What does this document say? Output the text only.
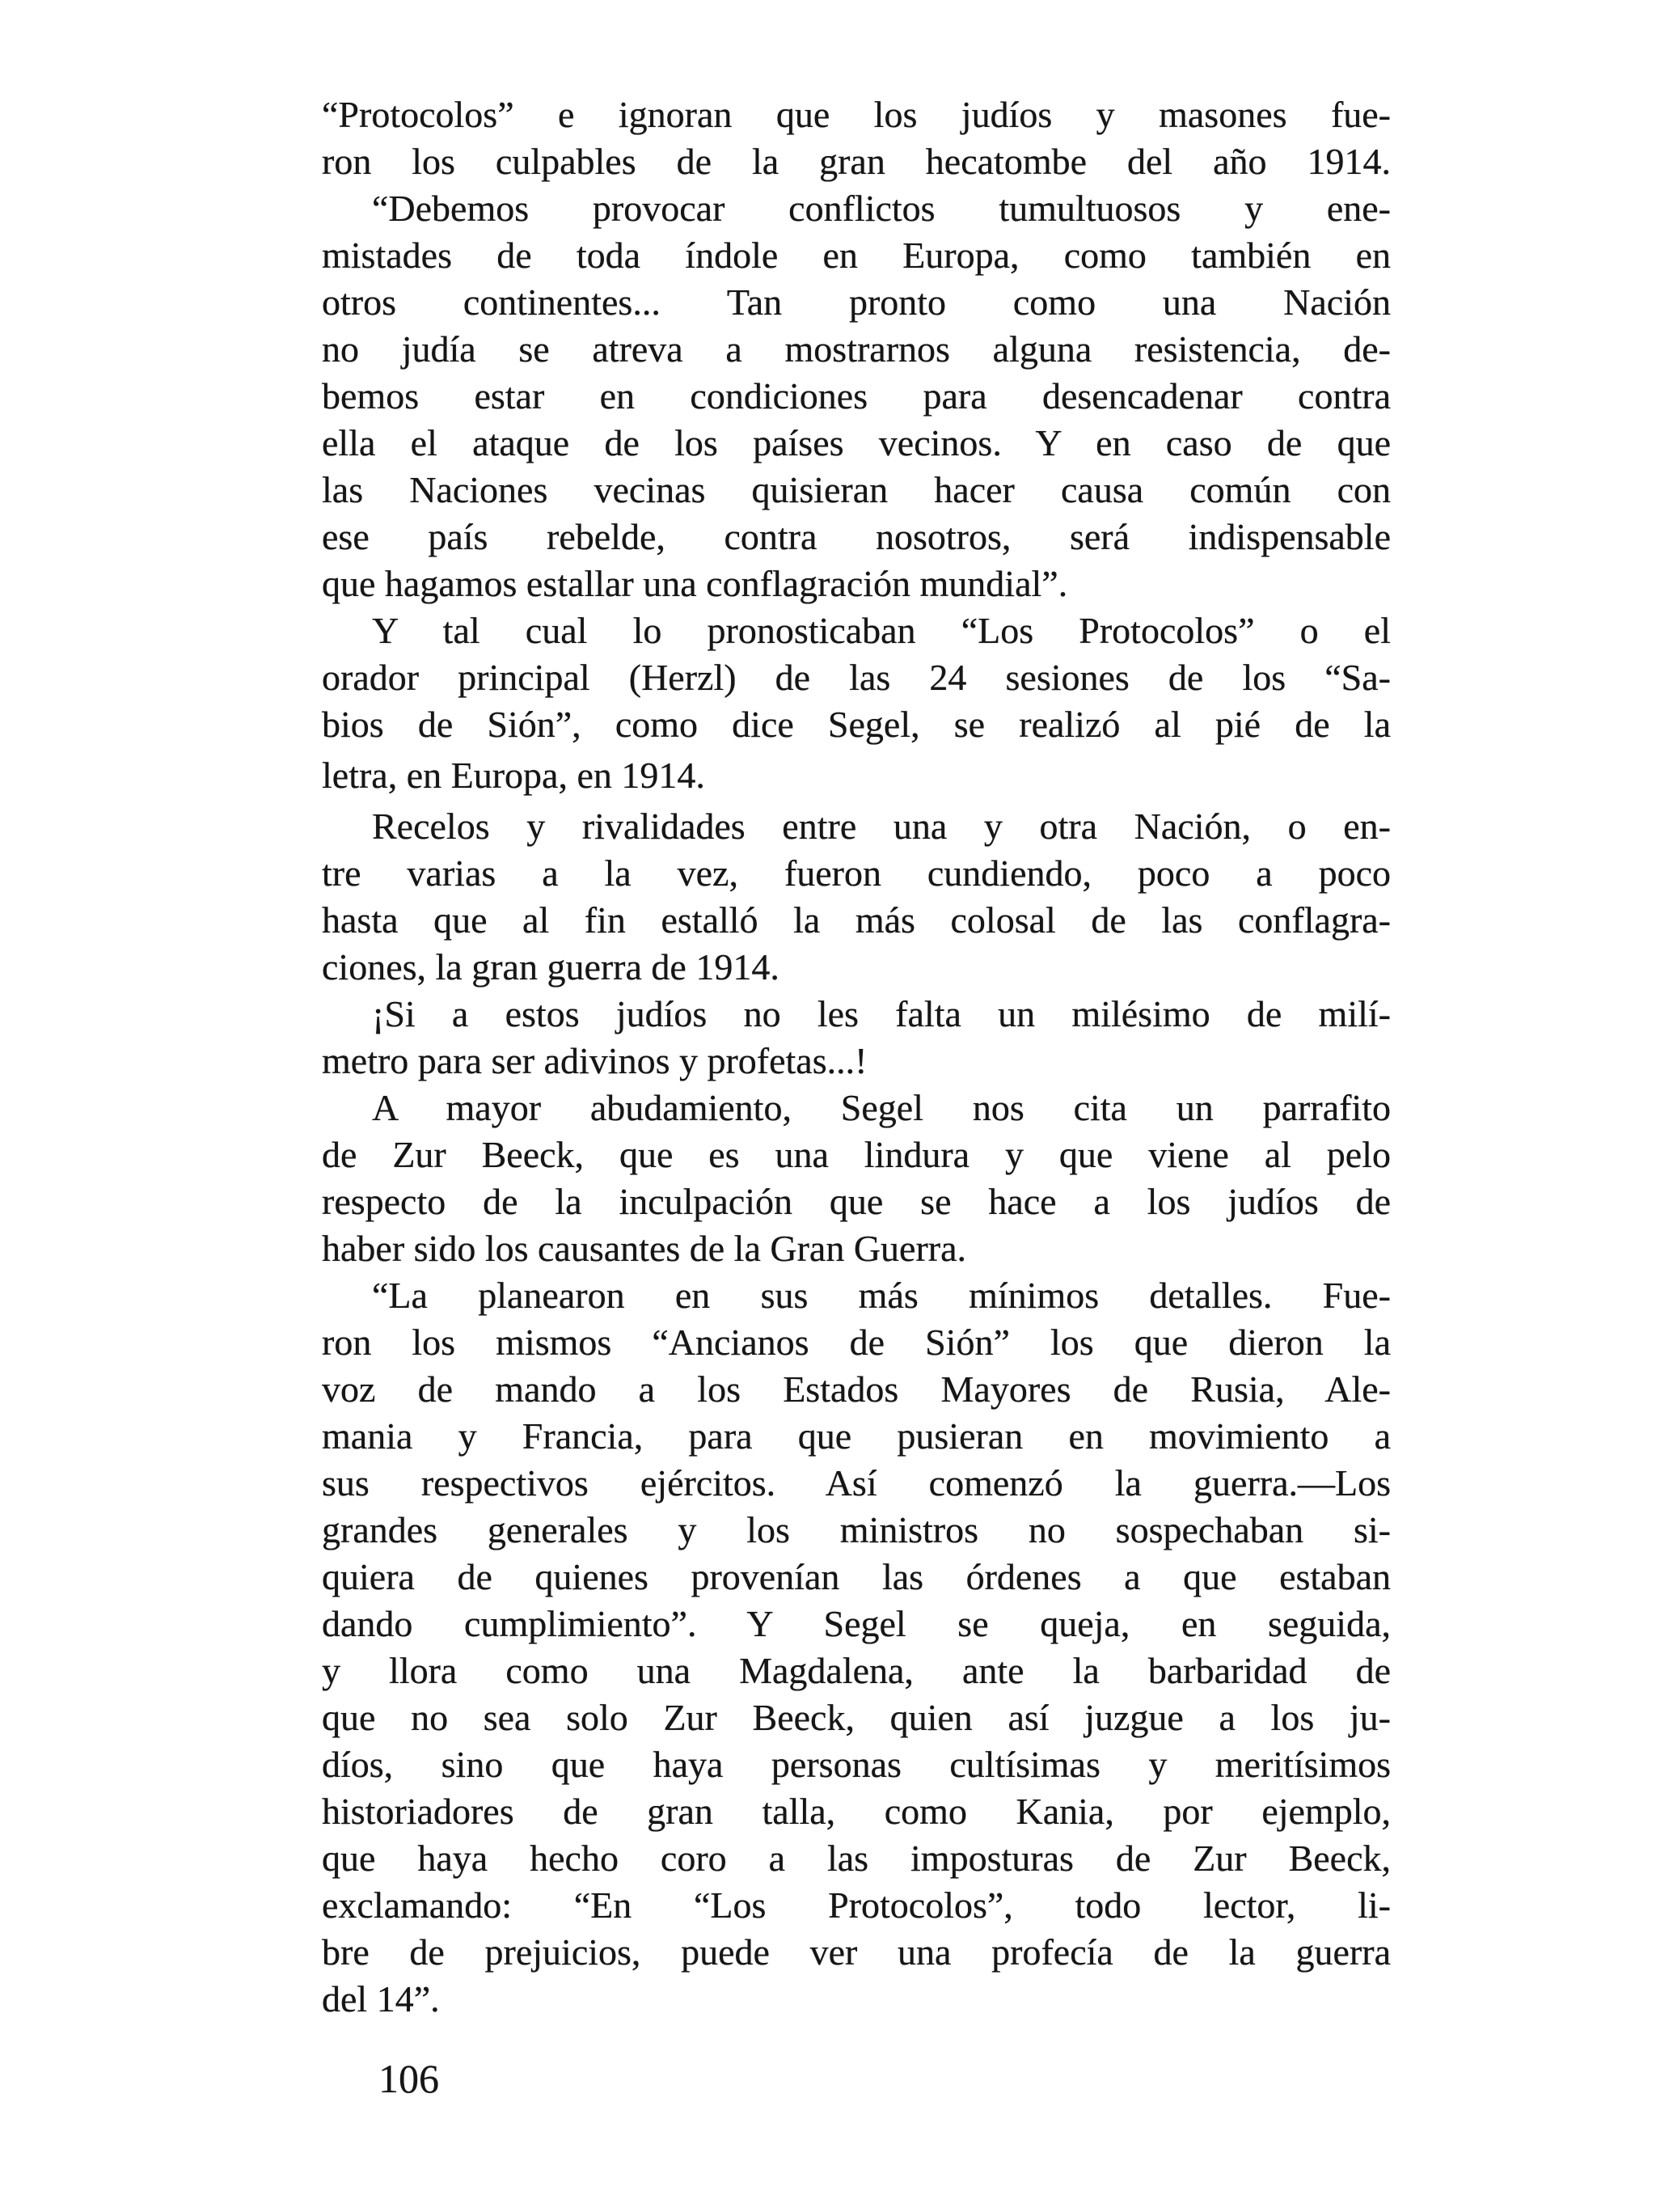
“Protocolos” e ignoran que los judíos y masones fue-
ron los culpables de la gran hecatombe del año 1914.
“Debemos provocar conflictos tumultuosos y ene-
mistades de toda índole en Europa, como también en
otros continentes... Tan pronto como una Nación
no judía se atreva a mostrarnos alguna resistencia, de-
bemos estar en condiciones para desencadenar contra
ella el ataque de los países vecinos. Y en caso de que
las Naciones vecinas quisieran hacer causa común con
ese país rebelde, contra nosotros, será indispensable
que hagamos estallar una conflagración mundial”.
Y tal cual lo pronosticaban “Los Protocolos” o el
orador principal (Herzl) de las 24 sesiones de los “Sa-
bios de Sión”, como dice Segel, se realizó al pié de la
letra, en Europa, en 1914.
Recelos y rivalidades entre una y otra Nación, o en-
tre varias a la vez, fueron cundiendo, poco a poco
hasta que al fin estalló la más colosal de las conflagra-
ciones, la gran guerra de 1914.
¡Si a estos judíos no les falta un milésimo de milí-
metro para ser adivinos y profetas...!
A mayor abudamiento, Segel nos cita un parrafito
de Zur Beeck, que es una lindura y que viene al pelo
respecto de la inculpación que se hace a los judíos de
haber sido los causantes de la Gran Guerra.
“La planearon en sus más mínimos detalles. Fue-
ron los mismos “Ancianos de Sión” los que dieron la
voz de mando a los Estados Mayores de Rusia, Ale-
mania y Francia, para que pusieran en movimiento a
sus respectivos ejércitos. Así comenzó la guerra.—Los
grandes generales y los ministros no sospechaban si-
quiera de quienes provenían las órdenes a que estaban
dando cumplimiento”. Y Segel se queja, en seguida,
y llora como una Magdalena, ante la barbaridad de
que no sea solo Zur Beeck, quien así juzgue a los ju-
díos, sino que haya personas cultísimas y meritísimos
historiadores de gran talla, como Kania, por ejemplo,
que haya hecho coro a las imposturas de Zur Beeck,
exclamando: “En “Los Protocolos”, todo lector, li-
bre de prejuicios, puede ver una profecía de la guerra
del 14”.
106
